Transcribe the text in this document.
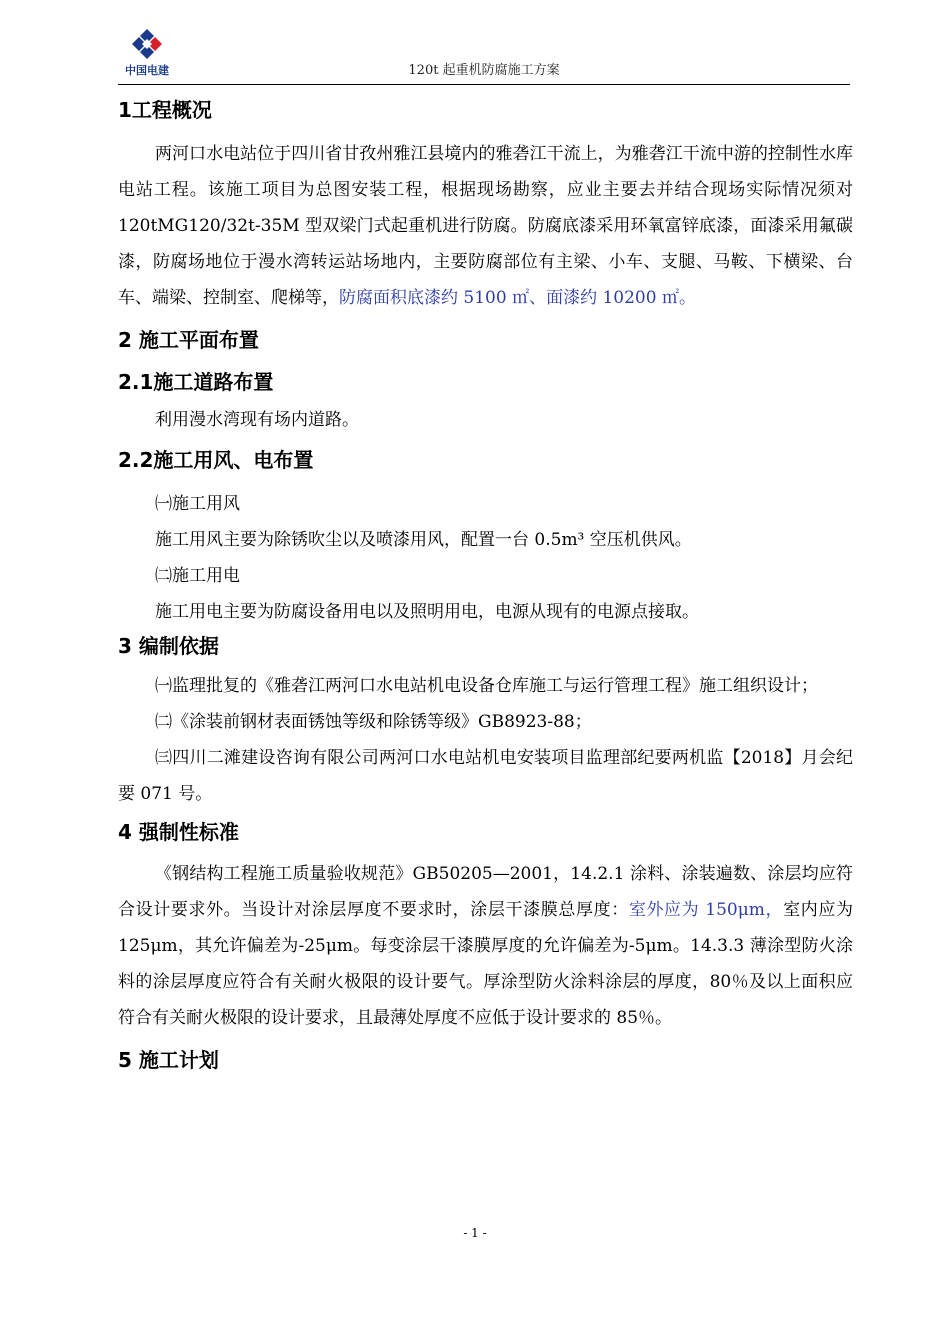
中国电建	120t 起重机防腐施工方案
1工程概况

两河口水电站位于四川省甘孜州雅江县境内的雅砻江干流上，为雅砻江干流中游的控制性水库电站工程。该施工项目为总图安装工程，根据现场勘察，应业主要去并结合现场实际情况须对 120tMG120/32t-35M 型双梁门式起重机进行防腐。防腐底漆采用环氧富锌底漆，面漆采用氟碳漆，防腐场地位于漫水湾转运站场地内，主要防腐部位有主梁、小车、支腿、马鞍、下横梁、台车、端梁、控制室、爬梯等，防腐面积底漆约 5100 ㎡、面漆约 10200 ㎡。

2 施工平面布置
2.1施工道路布置

利用漫水湾现有场内道路。

2.2施工用风、电布置

㈠施工用风

施工用风主要为除锈吹尘以及喷漆用风，配置一台 0.5m³ 空压机供风。

㈡施工用电

施工用电主要为防腐设备用电以及照明用电，电源从现有的电源点接取。

3 编制依据

㈠监理批复的《雅砻江两河口水电站机电设备仓库施工与运行管理工程》施工组织设计；

㈡《涂装前钢材表面锈蚀等级和除锈等级》GB8923-88；

㈢四川二滩建设咨询有限公司两河口水电站机电安装项目监理部纪要两机监【2018】月会纪要 071 号。

4 强制性标准

《钢结构工程施工质量验收规范》GB50205—2001，14.2.1 涂料、涂装遍数、涂层均应符合设计要求外。当设计对涂层厚度不要求时，涂层干漆膜总厚度：室外应为 150μm，室内应为 125μm，其允许偏差为-25μm。每变涂层干漆膜厚度的允许偏差为-5μm。14.3.3 薄涂型防火涂料的涂层厚度应符合有关耐火极限的设计要气。厚涂型防火涂料涂层的厚度，80％及以上面积应符合有关耐火极限的设计要求，且最薄处厚度不应低于设计要求的 85％。

5 施工计划
- 1 -
